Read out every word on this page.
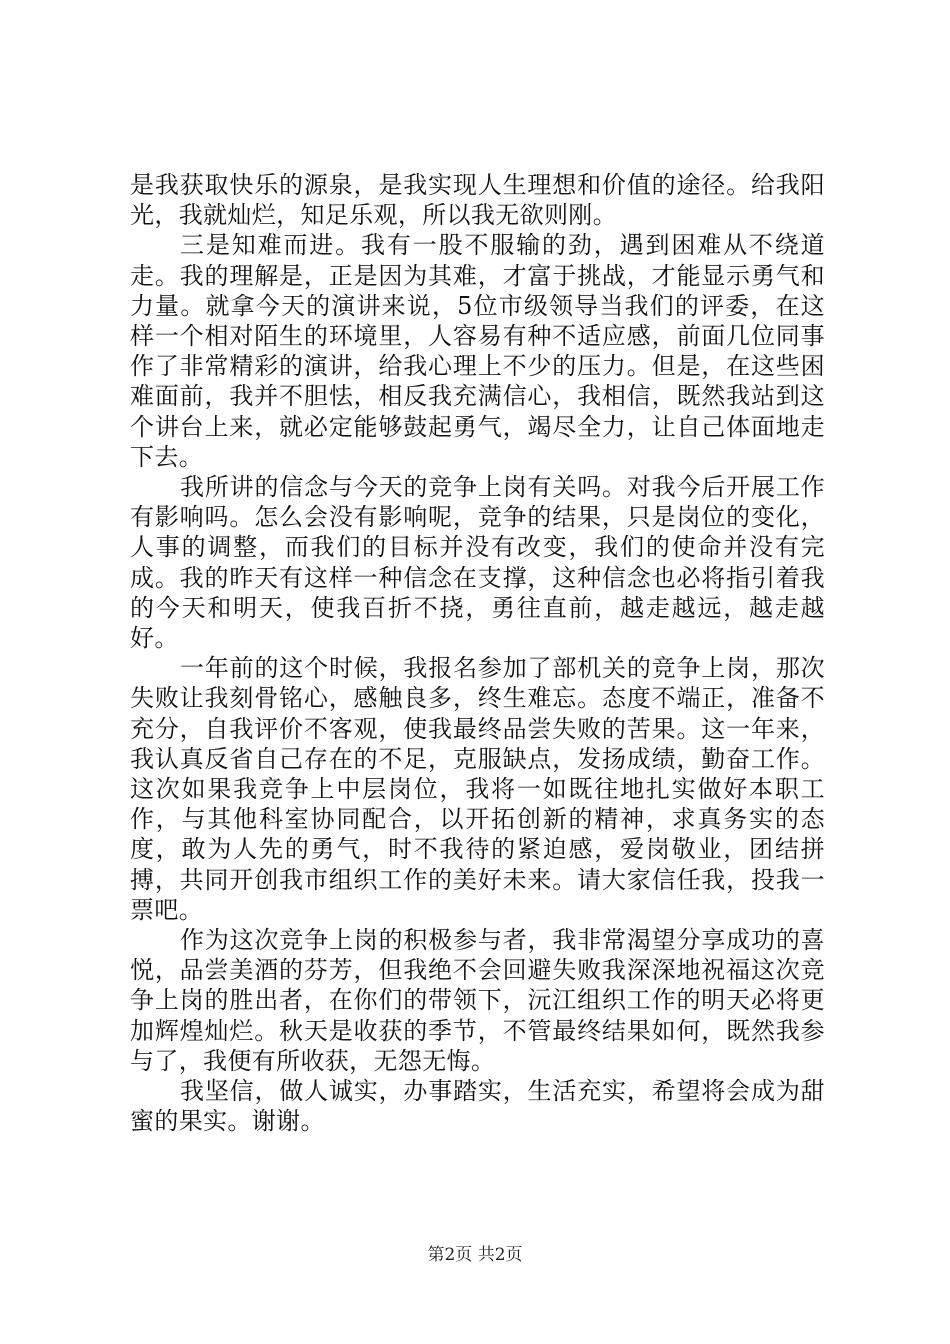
是我获取快乐的源泉，是我实现人生理想和价值的途径。给我阳光，我就灿烂，知足乐观，所以我无欲则刚。

三是知难而进。我有一股不服输的劲，遇到困难从不绕道走。我的理解是，正是因为其难，才富于挑战，才能显示勇气和力量。就拿今天的演讲来说，5位市级领导当我们的评委，在这样一个相对陌生的环境里，人容易有种不适应感，前面几位同事作了非常精彩的演讲，给我心理上不少的压力。但是，在这些困难面前，我并不胆怯，相反我充满信心，我相信，既然我站到这个讲台上来，就必定能够鼓起勇气，竭尽全力，让自己体面地走下去。

我所讲的信念与今天的竞争上岗有关吗。对我今后开展工作有影响吗。怎么会没有影响呢，竞争的结果，只是岗位的变化，人事的调整，而我们的目标并没有改变，我们的使命并没有完成。我的昨天有这样一种信念在支撑，这种信念也必将指引着我的今天和明天，使我百折不挠，勇往直前，越走越远，越走越好。

一年前的这个时候，我报名参加了部机关的竞争上岗，那次失败让我刻骨铭心，感触良多，终生难忘。态度不端正，准备不充分，自我评价不客观，使我最终品尝失败的苦果。这一年来，我认真反省自己存在的不足，克服缺点，发扬成绩，勤奋工作。这次如果我竞争上中层岗位，我将一如既往地扎实做好本职工作，与其他科室协同配合，以开拓创新的精神，求真务实的态度，敢为人先的勇气，时不我待的紧迫感，爱岗敬业，团结拼搏，共同开创我市组织工作的美好未来。请大家信任我，投我一票吧。

作为这次竞争上岗的积极参与者，我非常渴望分享成功的喜悦，品尝美酒的芬芳，但我绝不会回避失败我深深地祝福这次竞争上岗的胜出者，在你们的带领下，沅江组织工作的明天必将更加辉煌灿烂。秋天是收获的季节，不管最终结果如何，既然我参与了，我便有所收获，无怨无悔。

我坚信，做人诚实，办事踏实，生活充实，希望将会成为甜蜜的果实。谢谢。

第2页 共2页
